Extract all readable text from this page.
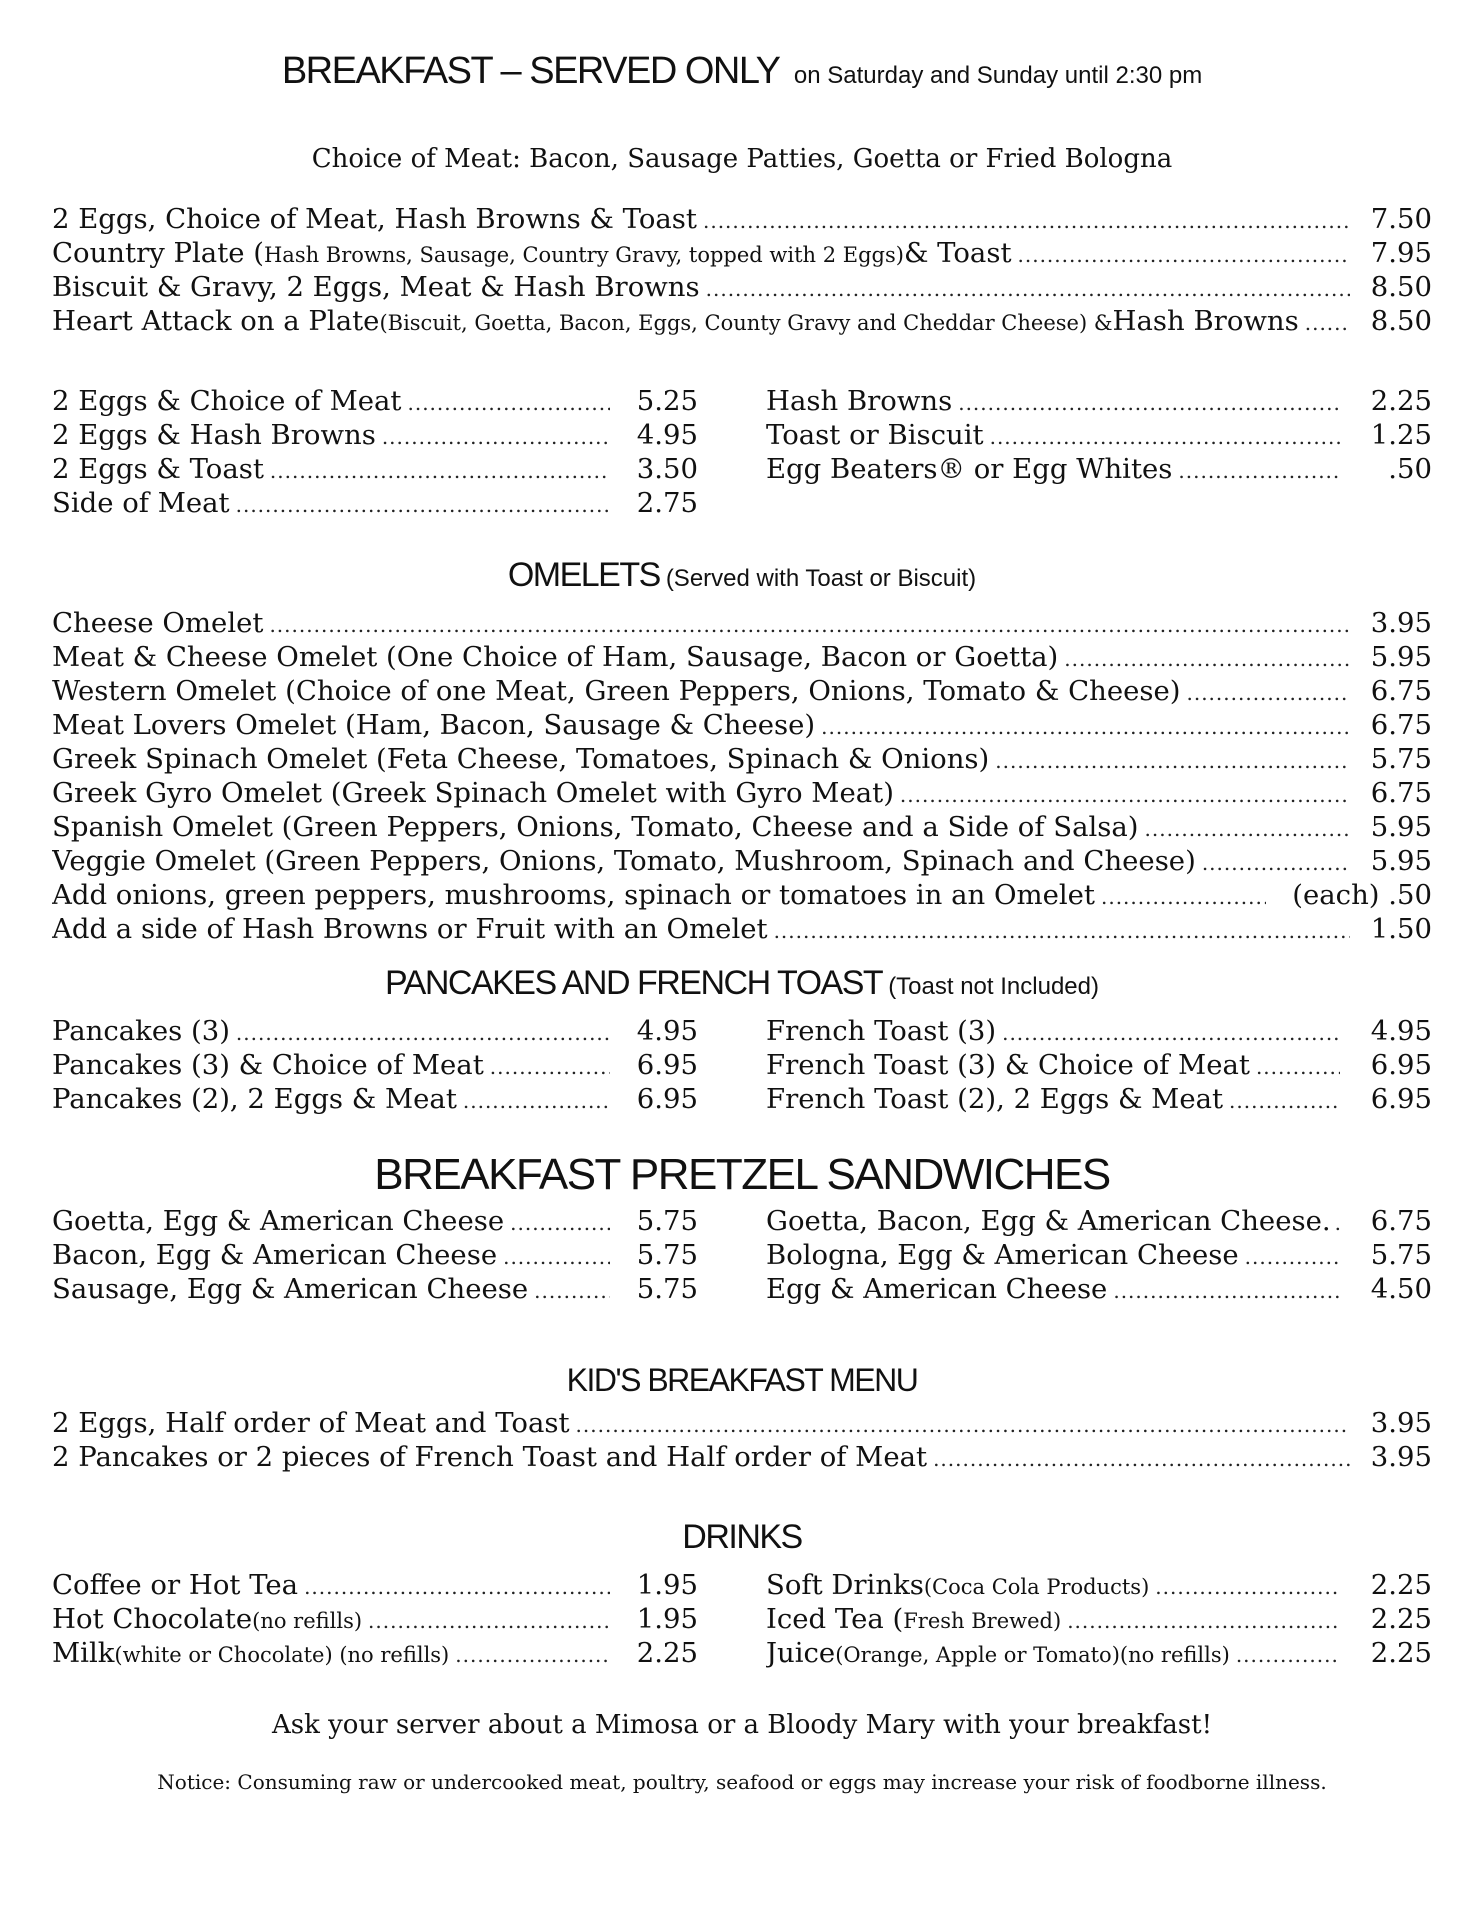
BREAKFAST – SERVED ONLY on Saturday and Sunday until 2:30 pm
Choice of Meat: Bacon, Sausage Patties, Goetta or Fried Bologna
2 Eggs, Choice of Meat, Hash Browns & Toast .....	7.50
Country Plate ( Hash Browns, Sausage, Country Gravy, topped with 2 Eggs) & Toast .....	7.95
Biscuit & Gravy, 2 Eggs, Meat & Hash Browns .....	8.50
Heart Attack on a Plate (Biscuit, Goetta, Bacon, Eggs, County Gravy and Cheddar Cheese) & Hash Browns .....	8.50
2 Eggs & Choice of Meat .....	5.25
2 Eggs & Hash Browns .....	4.95
2 Eggs & Toast .....	3.50
Side of Meat .....	2.75
Hash Browns .....	2.25
Toast or Biscuit .....	1.25
Egg Beaters® or Egg Whites .....	.50
OMELETS (Served with Toast or Biscuit)
Cheese Omelet .....	3.95
Meat & Cheese Omelet (One Choice of Ham, Sausage, Bacon or Goetta) .....	5.95
Western Omelet (Choice of one Meat, Green Peppers, Onions, Tomato & Cheese) .....	6.75
Meat Lovers Omelet (Ham, Bacon, Sausage & Cheese) .....	6.75
Greek Spinach Omelet (Feta Cheese, Tomatoes, Spinach & Onions) .....	5.75
Greek Gyro Omelet (Greek Spinach Omelet with Gyro Meat) .....	6.75
Spanish Omelet (Green Peppers, Onions, Tomato, Cheese and a Side of Salsa) .....	5.95
Veggie Omelet (Green Peppers, Onions, Tomato, Mushroom, Spinach and Cheese) .....	5.95
Add onions, green peppers, mushrooms, spinach or tomatoes in an Omelet .....	(each) .50
Add a side of Hash Browns or Fruit with an Omelet .....	1.50
PANCAKES AND FRENCH TOAST (Toast not Included)
Pancakes (3) .....	4.95
Pancakes (3) & Choice of Meat .....	6.95
Pancakes (2), 2 Eggs & Meat .....	6.95
French Toast (3) .....	4.95
French Toast (3) & Choice of Meat .....	6.95
French Toast (2), 2 Eggs & Meat .....	6.95
BREAKFAST PRETZEL SANDWICHES
Goetta, Egg & American Cheese .....	5.75
Bacon, Egg & American Cheese .....	5.75
Sausage, Egg & American Cheese .....	5.75
Goetta, Bacon, Egg & American Cheese. .....	6.75
Bologna, Egg & American Cheese .....	5.75
Egg & American Cheese .....	4.50
KID'S BREAKFAST MENU
2 Eggs, Half order of Meat and Toast .....	3.95
2 Pancakes or 2 pieces of French Toast and Half order of Meat .....	3.95
DRINKS
Coffee or Hot Tea .....	1.95
Hot Chocolate (no refills) .....	1.95
Milk (white or Chocolate) (no refills) .....	2.25
Soft Drinks (Coca Cola Products) .....	2.25
Iced Tea ( Fresh Brewed) .....	2.25
Juice (Orange, Apple or Tomato)(no refills) .....	2.25
Ask your server about a Mimosa or a Bloody Mary with your breakfast!
Notice: Consuming raw or undercooked meat, poultry, seafood or eggs may increase your risk of foodborne illness.
